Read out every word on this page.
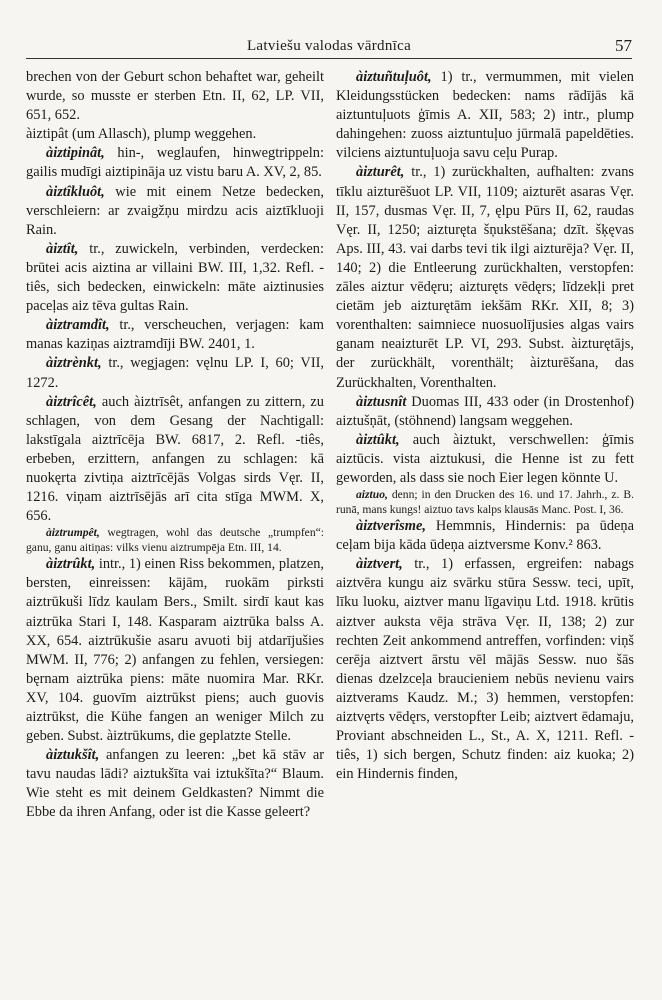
Latviešu valodas vārdnīca	57

brechen von der Geburt schon behaftet war, geheilt wurde, so musste er sterben Etn. II, 62, LP. VII, 651, 652.

àiztipât (um Allasch), plump weggehen.

àiztipinât, hin-, weglaufen, hinwegtrippeln: gailis mudīgi aiztipināja uz vistu baru A. XV, 2, 85.

àiztîkluôt, wie mit einem Netze bedecken, verschleiern: ar zvaigžņu mirdzu acis aiztīkluoji Rain.

àiztît, tr., zuwickeln, verbinden, verdecken: brūtei acis aiztina ar villaini BW. III, 1,32. Refl. -tiês, sich bedecken, einwickeln: māte aiztinusies paceļas aiz tēva gultas Rain.

àiztramdît, tr., verscheuchen, verjagen: kam manas kaziņas aiztramdīji BW. 2401, 1.

àiztrènkt, tr., wegjagen: vęlnu LP. I, 60; VII, 1272.

àiztrîcêt, auch àiztrīsêt, anfangen zu zittern, zu schlagen, von dem Gesang der Nachtigall: lakstīgala aiztrīcēja BW. 6817, 2. Refl. -tiês, erbeben, erzittern, anfangen zu schlagen: kā nuokęrta zivtiņa aiztrīcējās Volgas sirds Vęr. II, 1216. viņam aiztrīsējās arī cita stīga MWM. X, 656.

àiztrumpêt, wegtragen, wohl das deutsche „trumpfen“: ganu, ganu aitiņas: vilks vienu aiztrumpēja Etn. III, 14.

àiztrûkt, intr., 1) einen Riss bekommen, platzen, bersten, einreissen: kājām, ruokām pirksti aiztrūkuši līdz kaulam Bers., Smilt. sirdī kaut kas aiztrūka Stari I, 148. Kasparam aiztrūka balss A. XX, 654. aiztrūkušie asaru avuoti bij atdarījušies MWM. II, 776; 2) anfangen zu fehlen, versiegen: bęrnam aiztrūka piens: māte nuomira Mar. RKr. XV, 104. guovīm aiztrūkst piens; auch guovis aiztrūkst, die Kühe fangen an weniger Milch zu geben. Subst. àiztrūkums, die geplatzte Stelle.

àiztukšît, anfangen zu leeren: „bet kā stāv ar tavu naudas lādi? aiztukšīta vai iztukšīta?“ Blaum. Wie steht es mit deinem Geldkasten? Nimmt die Ebbe da ihren Anfang, oder ist die Kasse geleert?

àiztuñtuļuôt, 1) tr., vermummen, mit vielen Kleidungsstücken bedecken: nams rādījās kā aiztuntuļuots ģīmis A. XII, 583; 2) intr., plump dahingehen: zuoss aiztuntuļuo jūrmalā papeldēties. vilciens aiztuntuļuoja savu ceļu Purap.

àizturêt, tr., 1) zurückhalten, aufhalten: zvans tīklu aizturēšuot LP. VII, 1109; aizturēt asaras Vęr. II, 157, dusmas Vęr. II, 7, ęlpu Pūrs II, 62, raudas Vęr. II, 1250; aizturęta šņukstēšana; dzīt. šķęvas Aps. III, 43. vai darbs tevi tik ilgi aizturēja? Vęr. II, 140; 2) die Entleerung zurückhalten, verstopfen: zāles aiztur vēdęru; aizturęts vēdęrs; līdzekļi pret cietām jeb aizturętām iekšām RKr. XII, 8; 3) vorenthalten: saimniece nuosuolījusies algas vairs ganam neaizturēt LP. VI, 293. Subst. àizturętājs, der zurückhält, vorenthält; àizturēšana, das Zurückhalten, Vorenthalten.

àiztusnît Duomas III, 433 oder (in Drostenhof) aiztušņāt, (stöhnend) langsam weggehen.

àiztûkt, auch àiztukt, verschwellen: ģīmis aiztūcis. vista aiztukusi, die Henne ist zu fett geworden, als dass sie noch Eier legen könnte U.

aiztuo, denn; in den Drucken des 16. und 17. Jahrh., z. B. runā, mans kungs! aiztuo tavs kalps klausās Manc. Post. I, 36.

àiztverîsme, Hemmnis, Hindernis: pa ūdeņa ceļam bija kāda ūdeņa aiztversme Konv.² 863.

àiztvert, tr., 1) erfassen, ergreifen: nabags aiztvēra kungu aiz svārku stūra Sessw. teci, upīt, līku luoku, aiztver manu līgaviņu Ltd. 1918. krūtis aiztver auksta vēja strāva Vęr. II, 138; 2) zur rechten Zeit ankommend antreffen, vorfinden: viņš cerēja aiztvert ārstu vēl mājās Sessw. nuo šās dienas dzelzceļa braucieniem nebūs nevienu vairs aiztverams Kaudz. M.; 3) hemmen, verstopfen: aiztvęrts vēdęrs, verstopfter Leib; aiztvert ēdamaju, Proviant abschneiden L., St., A. X, 1211. Refl. -tiês, 1) sich bergen, Schutz finden: aiz kuoka; 2) ein Hindernis finden,
